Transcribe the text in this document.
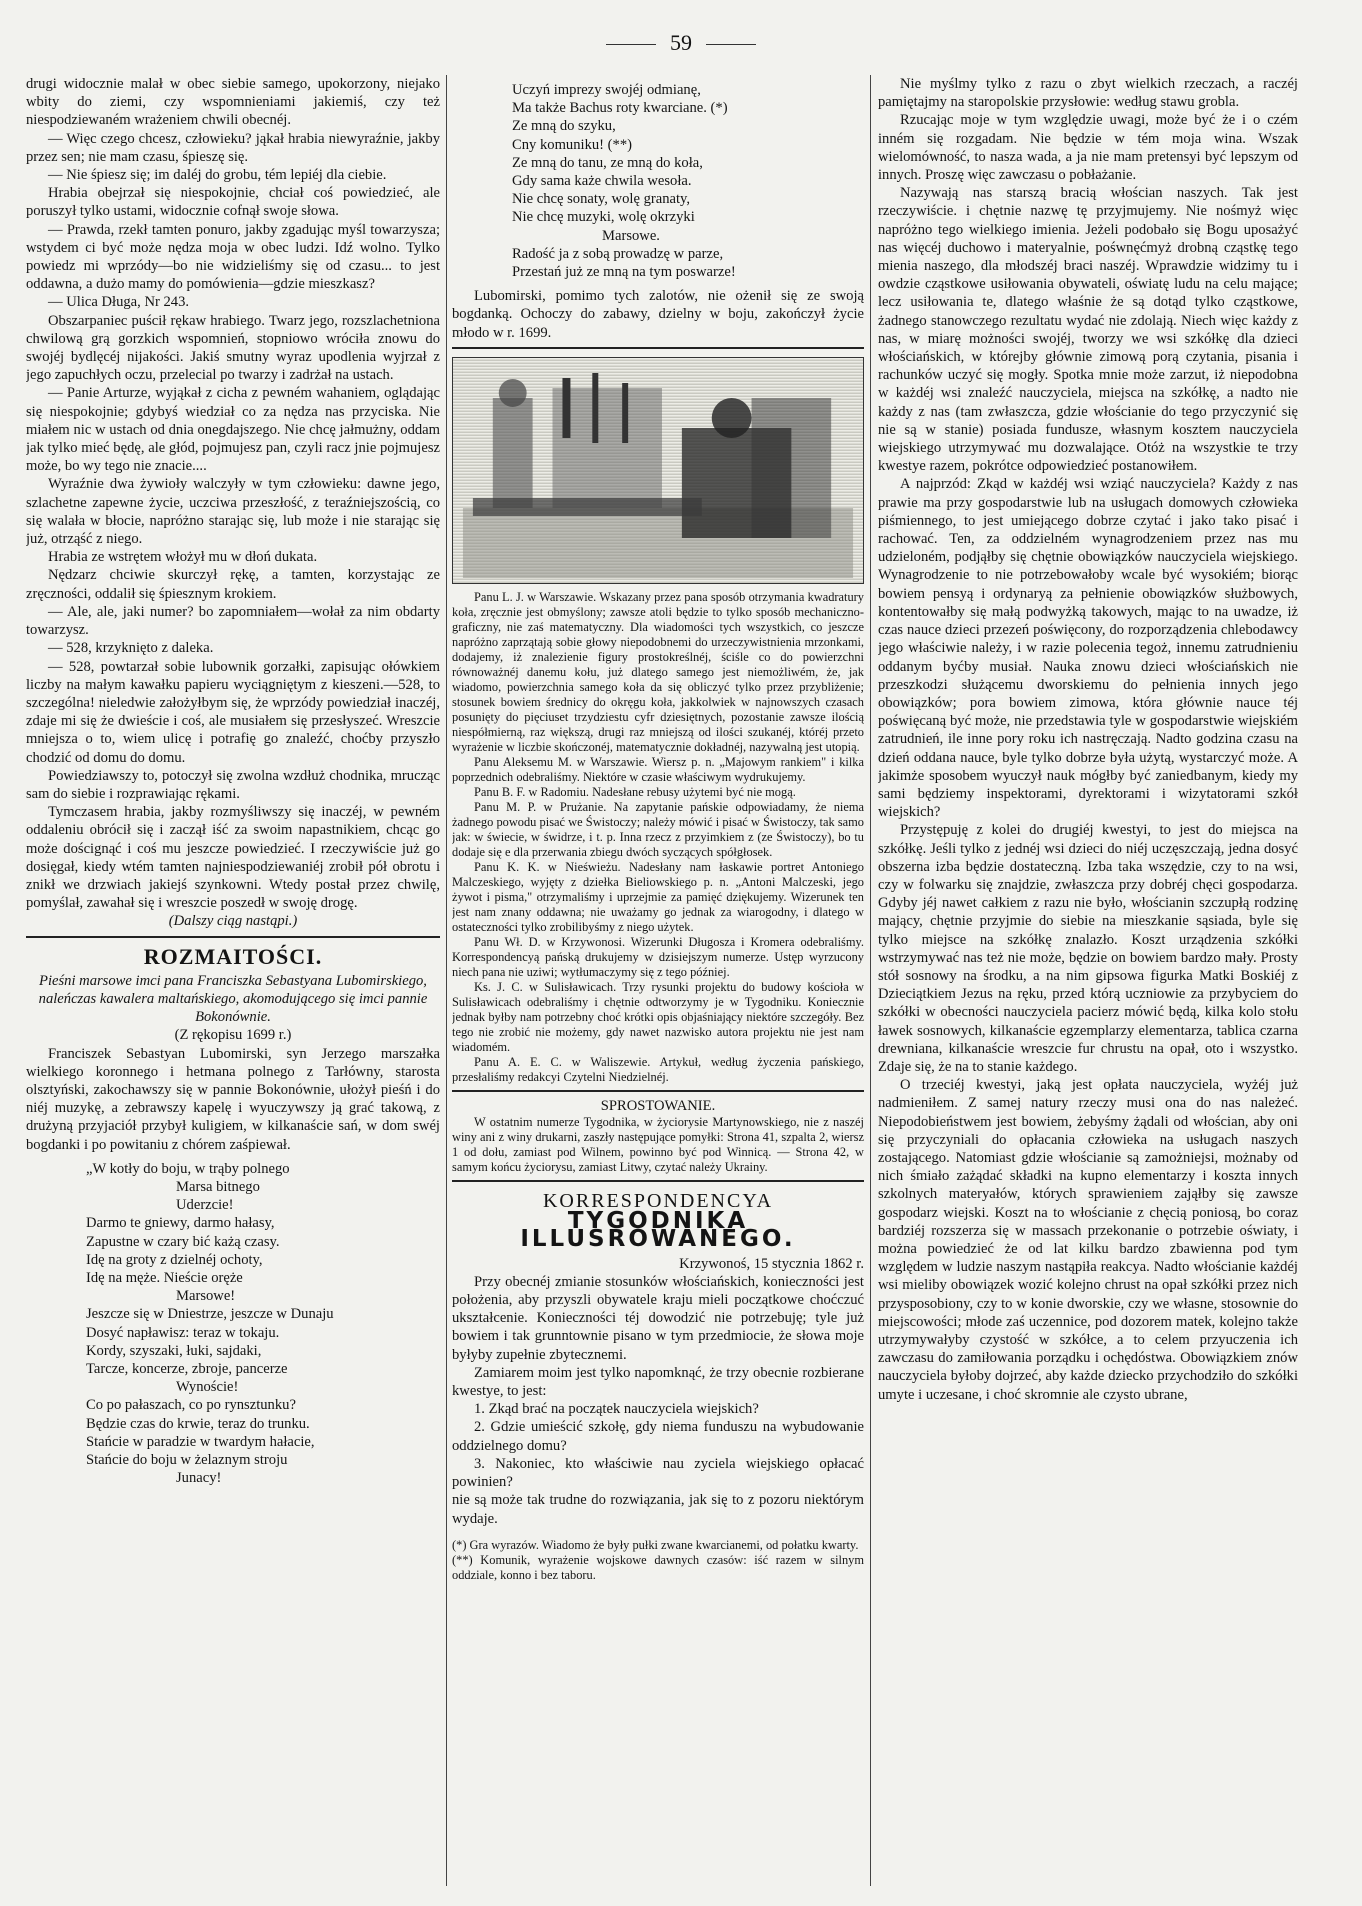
59

drugi widocznie malał w obec siebie samego, upokorzony, niejako wbity do ziemi, czy wspomnieniami jakiemiś, czy też niespodziewaném wrażeniem chwili obecnéj.

— Więc czego chcesz, człowieku? jąkał hrabia niewyraźnie, jakby przez sen; nie mam czasu, śpieszę się.

— Nie śpiesz się; im daléj do grobu, tém lepiéj dla ciebie.

Hrabia obejrzał się niespokojnie, chciał coś powiedzieć, ale poruszył tylko ustami, widocznie cofnął swoje słowa.

— Prawda, rzekł tamten ponuro, jakby zgadując myśl towarzysza; wstydem ci być może nędza moja w obec ludzi. Idź wolno. Tylko powiedz mi wprzódy—bo nie widzieliśmy się od czasu... to jest oddawna, a dużo mamy do pomówienia—gdzie mieszkasz?

— Ulica Długa, Nr 243.

Obszarpaniec puścił rękaw hrabiego. Twarz jego, rozszlachetniona chwilową grą gorzkich wspomnień, stopniowo wróciła znowu do swojéj bydlęcéj nijakości. Jakiś smutny wyraz upodlenia wyjrzał z jego zapuchłych oczu, przelecial po twarzy i zadrżał na ustach.

— Panie Arturze, wyjąkał z cicha z pewném wahaniem, oglądając się niespokojnie; gdybyś wiedział co za nędza nas przyciska. Nie miałem nic w ustach od dnia onegdajszego. Nie chcę jałmużny, oddam jak tylko mieć będę, ale głód, pojmujesz pan, czyli racz jnie pojmujesz może, bo wy tego nie znacie....

Wyraźnie dwa żywioły walczyły w tym człowieku: dawne jego, szlachetne zapewne życie, uczciwa przeszłość, z teraźniejszością, co się walała w błocie, napróżno starając się, lub może i nie starając się już, otrząść z niego.

Hrabia ze wstrętem włożył mu w dłoń dukata.

Nędzarz chciwie skurczył rękę, a tamten, korzystając ze zręczności, oddalił się śpiesznym krokiem.

— Ale, ale, jaki numer? bo zapomniałem—wołał za nim obdarty towarzysz.

— 528, krzyknięto z daleka.

— 528, powtarzał sobie lubownik gorzałki, zapisując ołówkiem liczby na małym kawałku papieru wyciągniętym z kieszeni.—528, to szczególna! nieledwie założyłbym się, że wprzódy powiedział inaczéj, zdaje mi się że dwieście i coś, ale musiałem się przesłyszeć. Wreszcie mniejsza o to, wiem ulicę i potrafię go znaleźć, choćby przyszło chodzić od domu do domu.

Powiedziawszy to, potoczył się zwolna wzdłuż chodnika, mrucząc sam do siebie i rozprawiając rękami.

Tymczasem hrabia, jakby rozmyśliwszy się inaczéj, w pewném oddaleniu obrócił się i zaczął iść za swoim napastnikiem, chcąc go może doścignąć i coś mu jeszcze powiedzieć. I rzeczywiście już go dosięgał, kiedy wtém tamten najniespodziewaniéj zrobił pół obrotu i znikł we drzwiach jakiejś szynkowni. Wtedy postał przez chwilę, pomyślał, zawahał się i wreszcie poszedł w swoję drogę.

(Dalszy ciąg nastąpi.)

ROZMAITOŚCI.

Pieśni marsowe imci pana Franciszka Sebastyana Lubomirskiego, naleńczas kawalera maltańskiego, akomodującego się imci pannie Bokonównie.

(Z rękopisu 1699 r.)

Franciszek Sebastyan Lubomirski, syn Jerzego marszałka wielkiego koronnego i hetmana polnego z Tarłówny, starosta olsztyński, zakochawszy się w pannie Bokonównie, ułożył pieśń i do niéj muzykę, a zebrawszy kapelę i wyuczywszy ją grać takową, z drużyną przyjaciół przybył kuligiem, w kilkanaście sań, w dom swéj bogdanki i po powitaniu z chórem zaśpiewał.

„W kotły do boju, w trąby polnego
Marsa bitnego
Uderzcie!
Darmo te gniewy, darmo hałasy,
Zapustne w czary bić każą czasy.
Idę na groty z dzielnéj ochoty,
Idę na męże. Nieście oręże
Marsowe!
Jeszcze się w Dniestrze, jeszcze w Dunaju
Dosyć napławisz: teraz w tokaju.
Kordy, szyszaki, łuki, sajdaki,
Tarcze, koncerze, zbroje, pancerze
Wynoście!
Co po pałaszach, co po rynsztunku?
Będzie czas do krwie, teraz do trunku.
Stańcie w paradzie w twardym hałacie,
Stańcie do boju w żelaznym stroju
Junacy!
Uczyń imprezy swojéj odmianę,
Ma także Bachus roty kwarciane. (*)
Ze mną do szyku,
Cny komuniku! (**)
Ze mną do tanu, ze mną do koła,
Gdy sama każe chwila wesoła.
Nie chcę sonaty, wolę granaty,
Nie chcę muzyki, wolę okrzyki
Marsowe.
Radość ja z sobą prowadzę w parze,
Przestań już ze mną na tym poswarze!

Lubomirski, pomimo tych zalotów, nie ożenił się ze swoją bogdanką. Ochoczy do zabawy, dzielny w boju, zakończył życie młodo w r. 1699.

Panu L. J. w Warszawie. Wskazany przez pana sposób otrzymania kwadratury koła, zręcznie jest obmyślony; zawsze atoli będzie to tylko sposób mechaniczno-graficzny, nie zaś matematyczny. Dla wiadomości tych wszystkich, co jeszcze napróżno zaprzątają sobie głowy niepodobnemi do urzeczywistnienia mrzonkami, dodajemy, iż znalezienie figury prostokreślnéj, ściśle co do powierzchni równoważnéj danemu kołu, już dlatego samego jest niemożliwém, że, jak wiadomo, powierzchnia samego koła da się obliczyć tylko przez przybliżenie; stosunek bowiem średnicy do okręgu koła, jakkolwiek w najnowszych czasach posunięty do pięciuset trzydziestu cyfr dziesiętnych, pozostanie zawsze ilością niespółmierną, raz większą, drugi raz mniejszą od ilości szukanéj, któréj przeto wyrażenie w liczbie skończonéj, matematycznie dokładnéj, nazywalną jest utopią.

Panu Aleksemu M. w Warszawie. Wiersz p. n. „Majowym rankiem" i kilka poprzednich odebraliśmy. Niektóre w czasie właściwym wydrukujemy.

Panu B. F. w Radomiu. Nadesłane rebusy użytemi być nie mogą.

Panu M. P. w Prużanie. Na zapytanie pańskie odpowiadamy, że niema żadnego powodu pisać we Świstoczy; należy mówić i pisać w Świstoczy, tak samo jak: w świecie, w świdrze, i t. p. Inna rzecz z przyimkiem z (ze Świstoczy), bo tu dodaje się e dla przerwania zbiegu dwóch syczących spółgłosek.

Panu K. K. w Nieświeżu. Nadesłany nam łaskawie portret Antoniego Malczeskiego, wyjęty z dziełka Bieliowskiego p. n. „Antoni Malczeski, jego żywot i pisma," otrzymaliśmy i uprzejmie za pamięć dziękujemy. Wizerunek ten jest nam znany oddawna; nie uważamy go jednak za wiarogodny, i dlatego w ostateczności tylko zrobilibyśmy z niego użytek.

Panu Wł. D. w Krzywonosi. Wizerunki Długosza i Kromera odebraliśmy. Korrespondencyą pańską drukujemy w dzisiejszym numerze. Ustęp wyrzucony niech pana nie uziwi; wytłumaczymy się z tego później.

Ks. J. C. w Sulisławicach. Trzy rysunki projektu do budowy kościoła w Sulisławicach odebraliśmy i chętnie odtworzymy je w Tygodniku. Koniecznie jednak byłby nam potrzebny choć krótki opis objaśniający niektóre szczegóły. Bez tego nie zrobić nie możemy, gdy nawet nazwisko autora projektu nie jest nam wiadomém.

Panu A. E. C. w Waliszewie. Artykuł, według życzenia pańskiego, przesłaliśmy redakcyi Czytelni Niedzielnéj.

SPROSTOWANIE.

W ostatnim numerze Tygodnika, w życiorysie Martynowskiego, nie z naszéj winy ani z winy drukarni, zaszły następujące pomyłki: Strona 41, szpalta 2, wiersz 1 od dołu, zamiast pod Wilnem, powinno być pod Winnicą. — Strona 42, w samym końcu życiorysu, zamiast Litwy, czytać należy Ukrainy.

KORRESPONDENCYA
TYGODNIKA ILLUSROWANEGO.

Krzywonoś, 15 stycznia 1862 r.

Przy obecnéj zmianie stosunków włościańskich, konieczności jest położenia, aby przyszli obywatele kraju mieli początkowe choćczuć ukształcenie. Konieczności téj dowodzić nie potrzebuję; tyle już bowiem i tak grunntownie pisano w tym przedmiocie, że słowa moje byłyby zupełnie zbytecznemi.

Zamiarem moim jest tylko napomknąć, że trzy obecnie rozbierane kwestye, to jest:

1. Zkąd brać na początek nauczyciela wiejskich?

2. Gdzie umieścić szkołę, gdy niema funduszu na wybudowanie oddzielnego domu?

3. Nakoniec, kto właściwie nau zyciela wiejskiego opłacać powinien?

nie są może tak trudne do rozwiązania, jak się to z pozoru niektórym wydaje.

(*) Gra wyrazów. Wiadomo że były pułki zwane kwarcianemi, od połatku kwarty.

(**) Komunik, wyrażenie wojskowe dawnych czasów: iść razem w silnym oddziale, konno i bez taboru.

Nie myślmy tylko z razu o zbyt wielkich rzeczach, a raczéj pamiętajmy na staropolskie przysłowie: według stawu grobla.

Rzucając moje w tym względzie uwagi, może być że i o czém inném się rozgadam. Nie będzie w tém moja wina. Wszak wielomówność, to nasza wada, a ja nie mam pretensyi być lepszym od innych. Proszę więc zawczasu o pobłażanie.

Nazywają nas starszą bracią włościan naszych. Tak jest rzeczywiście. i chętnie nazwę tę przyjmujemy. Nie nośmyż więc napróżno tego wielkiego imienia. Jeżeli podobało się Bogu uposażyć nas więcéj duchowo i materyalnie, pośwnęćmyż drobną cząstkę tego mienia naszego, dla młodszéj braci naszéj. Wprawdzie widzimy tu i owdzie cząstkowe usiłowania obywateli, oświatę ludu na celu mające; lecz usiłowania te, dlatego właśnie że są dotąd tylko cząstkowe, żadnego stanowczego rezultatu wydać nie zdolają. Niech więc każdy z nas, w miarę możności swojéj, tworzy we wsi szkółkę dla dzieci włościańskich, w którejby głównie zimową porą czytania, pisania i rachunków uczyć się mogły. Spotka mnie może zarzut, iż niepodobna w każdéj wsi znaleźć nauczyciela, miejsca na szkółkę, a nadto nie każdy z nas (tam zwłaszcza, gdzie włościanie do tego przyczynić się nie są w stanie) posiada fundusze, własnym kosztem nauczyciela wiejskiego utrzymywać mu dozwalające. Otóż na wszystkie te trzy kwestye razem, pokrótce odpowiedzieć postanowiłem.

A najprzód: Zkąd w każdéj wsi wziąć nauczyciela? Każdy z nas prawie ma przy gospodarstwie lub na usługach domowych człowieka piśmiennego, to jest umiejącego dobrze czytać i jako tako pisać i rachować. Ten, za oddzielném wynagrodzeniem przez nas mu udzieloném, podjąłby się chętnie obowiązków nauczyciela wiejskiego. Wynagrodzenie to nie potrzebowałoby wcale być wysokiém; biorąc bowiem pensyą i ordynaryą za pełnienie obowiązków służbowych, kontentowałby się małą podwyżką takowych, mając to na uwadze, iż czas nauce dzieci przezeń poświęcony, do rozporządzenia chlebodawcy jego właściwie należy, i w razie polecenia tegoż, innemu zatrudnieniu oddanym byćby musiał. Nauka znowu dzieci włościańskich nie przeszkodzi służącemu dworskiemu do pełnienia innych jego obowiązków; pora bowiem zimowa, która głównie nauce téj poświęcaną być może, nie przedstawia tyle w gospodarstwie wiejskiém zatrudnień, ile inne pory roku ich nastręczają. Nadto godzina czasu na dzień oddana nauce, byle tylko dobrze była użytą, wystarczyć może. A jakimże sposobem wyuczył nauk mógłby być zaniedbanym, kiedy my sami będziemy inspektorami, dyrektorami i wizytatorami szkół wiejskich?

Przystępuję z kolei do drugiéj kwestyi, to jest do miejsca na szkółkę. Jeśli tylko z jednéj wsi dzieci do niéj uczęszczają, jedna dosyć obszerna izba będzie dostateczną. Izba taka wszędzie, czy to na wsi, czy w folwarku się znajdzie, zwłaszcza przy dobréj chęci gospodarza. Gdyby jéj nawet całkiem z razu nie było, włościanin szczupłą rodzinę mający, chętnie przyjmie do siebie na mieszkanie sąsiada, byle się tylko miejsce na szkółkę znalazło. Koszt urządzenia szkółki wstrzymywać nas też nie może, będzie on bowiem bardzo mały. Prosty stół sosnowy na środku, a na nim gipsowa figurka Matki Boskiéj z Dzieciątkiem Jezus na ręku, przed którą uczniowie za przybyciem do szkółki w obecności nauczyciela pacierz mówić będą, kilka kolo stołu ławek sosnowych, kilkanaście egzemplarzy elementarza, tablica czarna drewniana, kilkanaście wreszcie fur chrustu na opał, oto i wszystko. Zdaje się, że na to stanie każdego.

O trzeciéj kwestyi, jaką jest opłata nauczyciela, wyżéj już nadmieniłem. Z samej natury rzeczy musi ona do nas należeć. Niepodobieństwem jest bowiem, żebyśmy żądali od włościan, aby oni się przyczyniali do opłacania człowieka na usługach naszych zostającego. Natomiast gdzie włościanie są zamożniejsi, możnaby od nich śmiało zażądać składki na kupno elementarzy i koszta innych szkolnych materyałów, których sprawieniem zająłby się zawsze gospodarz wiejski. Koszt na to włościanie z chęcią poniosą, bo coraz bardziéj rozszerza się w massach przekonanie o potrzebie oświaty, i można powiedzieć że od lat kilku bardzo zbawienna pod tym względem w ludzie naszym nastąpiła reakcya. Nadto włościanie każdéj wsi mieliby obowiązek wozić kolejno chrust na opał szkółki przez nich przysposobiony, czy to w konie dworskie, czy we własne, stosownie do miejscowości; młode zaś uczennice, pod dozorem matek, kolejno także utrzymywałyby czystość w szkółce, a to celem przyuczenia ich zawczasu do zamiłowania porządku i ochędóstwa. Obowiązkiem znów nauczyciela byłoby dojrzeć, aby każde dziecko przychodziło do szkółki umyte i uczesane, i choć skromnie ale czysto ubrane,
